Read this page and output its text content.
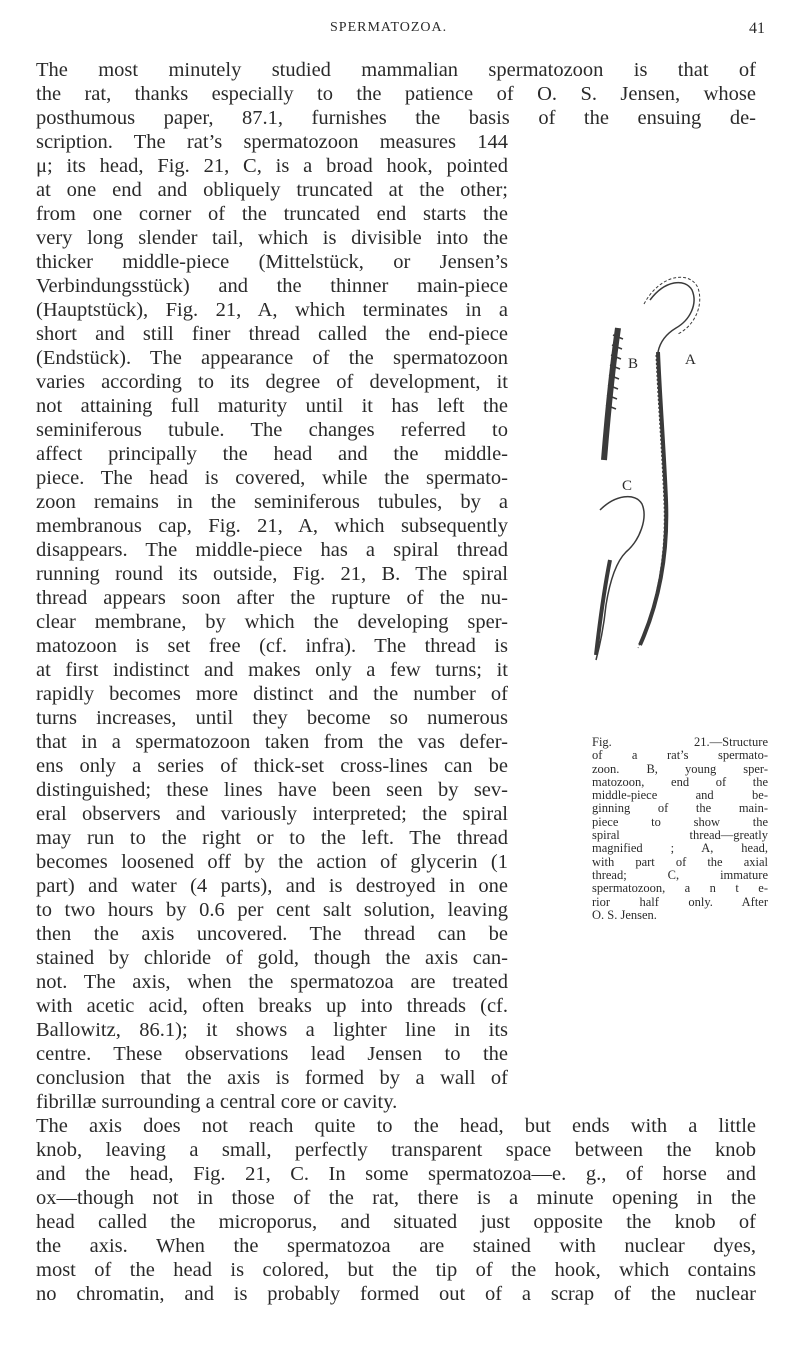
SPERMATOZOA.	41
The most minutely studied mammalian spermatozoon is that of
the rat, thanks especially to the patience of O. S. Jensen, whose
posthumous paper, 87.1, furnishes the basis of the ensuing de-
scription. The rat’s spermatozoon measures 144
μ; its head, Fig. 21, C, is a broad hook, pointed
at one end and obliquely truncated at the other;
from one corner of the truncated end starts the
very long slender tail, which is divisible into the
thicker middle-piece (Mittelstück, or Jensen’s
Verbindungsstück) and the thinner main-piece
(Hauptstück), Fig. 21, A, which terminates in a
short and still finer thread called the end-piece
(Endstück). The appearance of the spermatozoon
varies according to its degree of development, it
not attaining full maturity until it has left the
seminiferous tubule. The changes referred to
affect principally the head and the middle-
piece. The head is covered, while the spermato-
zoon remains in the seminiferous tubules, by a
membranous cap, Fig. 21, A, which subsequently
disappears. The middle-piece has a spiral thread
running round its outside, Fig. 21, B. The spiral
thread appears soon after the rupture of the nu-
clear membrane, by which the developing sper-
matozoon is set free (cf. infra). The thread is
at first indistinct and makes only a few turns; it
rapidly becomes more distinct and the number of
turns increases, until they become so numerous
that in a spermatozoon taken from the vas defer-
ens only a series of thick-set cross-lines can be
distinguished; these lines have been seen by sev-
eral observers and variously interpreted; the spiral
may run to the right or to the left. The thread
becomes loosened off by the action of glycerin (1
part) and water (4 parts), and is destroyed in one
to two hours by 0.6 per cent salt solution, leaving
then the axis uncovered. The thread can be
stained by chloride of gold, though the axis can-
not. The axis, when the spermatozoa are treated
with acetic acid, often breaks up into threads (cf.
Ballowitz, 86.1); it shows a lighter line in its
centre. These observations lead Jensen to the
conclusion that the axis is formed by a wall of
fibrillæ surrounding a central core or cavity.
The axis does not reach quite to the head, but ends with a little
knob, leaving a small, perfectly transparent space between the knob
and the head, Fig. 21, C. In some spermatozoa—e. g., of horse and
ox—though not in those of the rat, there is a minute opening in the
head called the microporus, and situated just opposite the knob of
the axis. When the spermatozoa are stained with nuclear dyes,
most of the head is colored, but the tip of the hook, which contains
no chromatin, and is probably formed out of a scrap of the nuclear
A
B
C
Fig. 21.—Structure
of a rat’s spermato-
zoon. B, young sper-
matozoon, end of the
middle-piece and be-
ginning of the main-
piece to show the
spiral thread—greatly
magnified ; A, head,
with part of the axial
thread; C, immature
spermatozoon, a n t e-
rior half only. After
O. S. Jensen.
